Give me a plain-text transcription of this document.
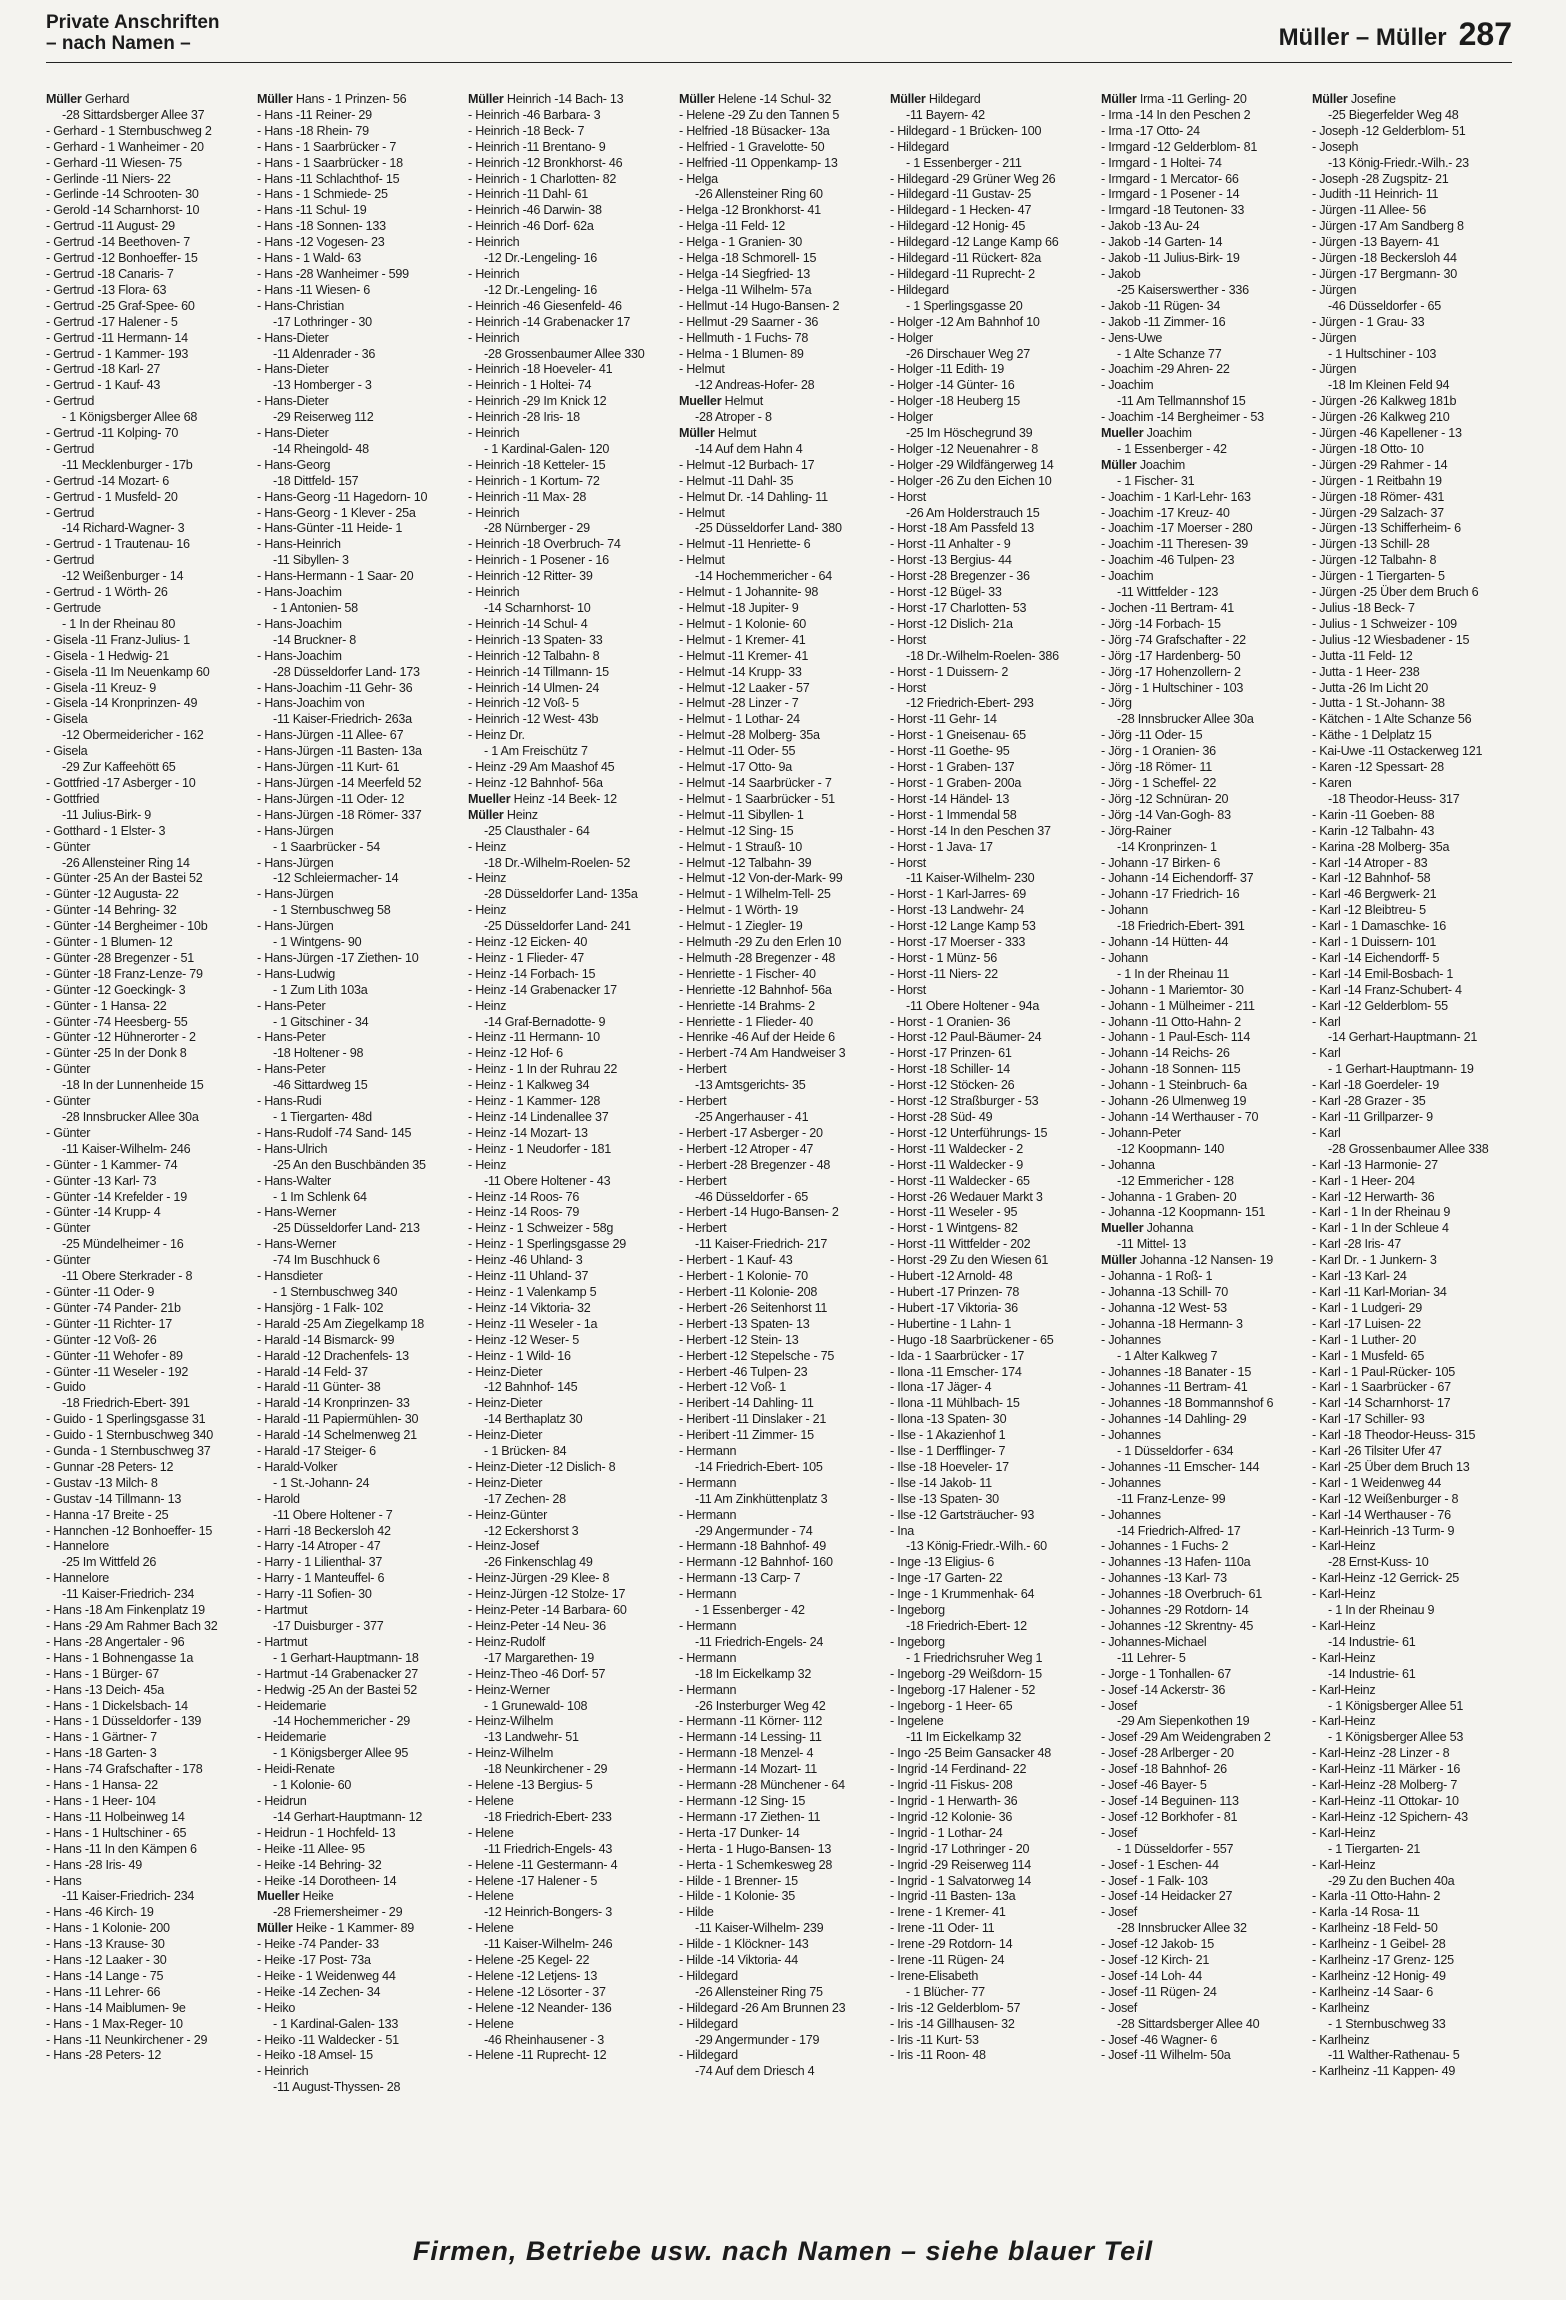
Private Anschriften
– nach Namen –	Müller – Müller 287
Müller Gerhard
-28 Sittardsberger Allee 37
- Gerhard - 1 Sternbuschweg 2
- Gerhard - 1 Wanheimer - 20
- Gerhard -11 Wiesen- 75
- Gerlinde -11 Niers- 22
- Gerlinde -14 Schrooten- 30
- Gerold -14 Scharnhorst- 10
- Gertrud -11 August- 29
- Gertrud -14 Beethoven- 7
- Gertrud -12 Bonhoeffer- 15
- Gertrud -18 Canaris- 7
- Gertrud -13 Flora- 63
- Gertrud -25 Graf-Spee- 60
- Gertrud -17 Halener - 5
- Gertrud -11 Hermann- 14
- Gertrud - 1 Kammer- 193
- Gertrud -18 Karl- 27
- Gertrud - 1 Kauf- 43
- Gertrud
- 1 Königsberger Allee 68
- Gertrud -11 Kolping- 70
- Gertrud
-11 Mecklenburger - 17b
- Gertrud -14 Mozart- 6
- Gertrud - 1 Musfeld- 20
- Gertrud
-14 Richard-Wagner- 3
- Gertrud - 1 Trautenau- 16
- Gertrud
-12 Weißenburger - 14
- Gertrud - 1 Wörth- 26
- Gertrude
- 1 In der Rheinau 80
- Gisela -11 Franz-Julius- 1
- Gisela - 1 Hedwig- 21
- Gisela -11 Im Neuenkamp 60
- Gisela -11 Kreuz- 9
- Gisela -14 Kronprinzen- 49
- Gisela
-12 Obermeidericher - 162
- Gisela
-29 Zur Kaffeehött 65
- Gottfried -17 Asberger - 10
- Gottfried
-11 Julius-Birk- 9
- Gotthard - 1 Elster- 3
- Günter
-26 Allensteiner Ring 14
- Günter -25 An der Bastei 52
- Günter -12 Augusta- 22
- Günter -14 Behring- 32
- Günter -14 Bergheimer - 10b
- Günter - 1 Blumen- 12
- Günter -28 Bregenzer - 51
- Günter -18 Franz-Lenze- 79
- Günter -12 Goeckingk- 3
- Günter - 1 Hansa- 22
- Günter -74 Heesberg- 55
- Günter -12 Hühnerorter - 2
- Günter -25 In der Donk 8
- Günter
-18 In der Lunnenheide 15
- Günter
-28 Innsbrucker Allee 30a
- Günter
-11 Kaiser-Wilhelm- 246
- Günter - 1 Kammer- 74
- Günter -13 Karl- 73
- Günter -14 Krefelder - 19
- Günter -14 Krupp- 4
- Günter
-25 Mündelheimer - 16
- Günter
-11 Obere Sterkrader - 8
- Günter -11 Oder- 9
- Günter -74 Pander- 21b
- Günter -11 Richter- 17
- Günter -12 Voß- 26
- Günter -11 Wehofer - 89
- Günter -11 Weseler - 192
- Guido
-18 Friedrich-Ebert- 391
- Guido - 1 Sperlingsgasse 31
- Guido - 1 Sternbuschweg 340
- Gunda - 1 Sternbuschweg 37
- Gunnar -28 Peters- 12
- Gustav -13 Milch- 8
- Gustav -14 Tillmann- 13
- Hanna -17 Breite - 25
- Hannchen -12 Bonhoeffer- 15
- Hannelore
-25 Im Wittfeld 26
- Hannelore
-11 Kaiser-Friedrich- 234
- Hans -18 Am Finkenplatz 19
- Hans -29 Am Rahmer Bach 32
- Hans -28 Angertaler - 96
- Hans - 1 Bohnengasse 1a
- Hans - 1 Bürger- 67
- Hans -13 Deich- 45a
- Hans - 1 Dickelsbach- 14
- Hans - 1 Düsseldorfer - 139
- Hans - 1 Gärtner- 7
- Hans -18 Garten- 3
- Hans -74 Grafschafter - 178
- Hans - 1 Hansa- 22
- Hans - 1 Heer- 104
- Hans -11 Holbeinweg 14
- Hans - 1 Hultschiner - 65
- Hans -11 In den Kämpen 6
- Hans -28 Iris- 49
- Hans
-11 Kaiser-Friedrich- 234
- Hans -46 Kirch- 19
- Hans - 1 Kolonie- 200
- Hans -13 Krause- 30
- Hans -12 Laaker - 30
- Hans -14 Lange - 75
- Hans -11 Lehrer- 66
- Hans -14 Maiblumen- 9e
- Hans - 1 Max-Reger- 10
- Hans -11 Neunkirchener - 29
- Hans -28 Peters- 12
Müller Hans - 1 Prinzen- 56
- Hans -11 Reiner- 29
- Hans -18 Rhein- 79
- Hans - 1 Saarbrücker - 7
- Hans - 1 Saarbrücker - 18
- Hans -11 Schlachthof- 15
- Hans - 1 Schmiede- 25
- Hans -11 Schul- 19
- Hans -18 Sonnen- 133
- Hans -12 Vogesen- 23
- Hans - 1 Wald- 63
- Hans -28 Wanheimer - 599
- Hans -11 Wiesen- 6
- Hans-Christian
-17 Lothringer - 30
- Hans-Dieter
-11 Aldenrader - 36
- Hans-Dieter
-13 Homberger - 3
- Hans-Dieter
-29 Reiserweg 112
- Hans-Dieter
-14 Rheingold- 48
- Hans-Georg
-18 Dittfeld- 157
- Hans-Georg -11 Hagedorn- 10
- Hans-Georg - 1 Klever - 25a
- Hans-Günter -11 Heide- 1
- Hans-Heinrich
-11 Sibyllen- 3
- Hans-Hermann - 1 Saar- 20
- Hans-Joachim
- 1 Antonien- 58
- Hans-Joachim
-14 Bruckner- 8
- Hans-Joachim
-28 Düsseldorfer Land- 173
- Hans-Joachim -11 Gehr- 36
- Hans-Joachim von
-11 Kaiser-Friedrich- 263a
- Hans-Jürgen -11 Allee- 67
- Hans-Jürgen -11 Basten- 13a
- Hans-Jürgen -11 Kurt- 61
- Hans-Jürgen -14 Meerfeld 52
- Hans-Jürgen -11 Oder- 12
- Hans-Jürgen -18 Römer- 337
- Hans-Jürgen
- 1 Saarbrücker - 54
- Hans-Jürgen
-12 Schleiermacher- 14
- Hans-Jürgen
- 1 Sternbuschweg 58
- Hans-Jürgen
- 1 Wintgens- 90
- Hans-Jürgen -17 Ziethen- 10
- Hans-Ludwig
- 1 Zum Lith 103a
- Hans-Peter
- 1 Gitschiner - 34
- Hans-Peter
-18 Holtener - 98
- Hans-Peter
-46 Sittardweg 15
- Hans-Rudi
- 1 Tiergarten- 48d
- Hans-Rudolf -74 Sand- 145
- Hans-Ulrich
-25 An den Buschbänden 35
- Hans-Walter
- 1 Im Schlenk 64
- Hans-Werner
-25 Düsseldorfer Land- 213
- Hans-Werner
-74 Im Buschhuck 6
- Hansdieter
- 1 Sternbuschweg 340
- Hansjörg - 1 Falk- 102
- Harald -25 Am Ziegelkamp 18
- Harald -14 Bismarck- 99
- Harald -12 Drachenfels- 13
- Harald -14 Feld- 37
- Harald -11 Günter- 38
- Harald -14 Kronprinzen- 33
- Harald -11 Papiermühlen- 30
- Harald -14 Schelmenweg 21
- Harald -17 Steiger- 6
- Harald-Volker
- 1 St.-Johann- 24
- Harold
-11 Obere Holtener - 7
- Harri -18 Beckersloh 42
- Harry -14 Atroper - 47
- Harry - 1 Lilienthal- 37
- Harry - 1 Manteuffel- 6
- Harry -11 Sofien- 30
- Hartmut
-17 Duisburger - 377
- Hartmut
- 1 Gerhart-Hauptmann- 18
- Hartmut -14 Grabenacker 27
- Hedwig -25 An der Bastei 52
- Heidemarie
-14 Hochemmericher - 29
- Heidemarie
- 1 Königsberger Allee 95
- Heidi-Renate
- 1 Kolonie- 60
- Heidrun
-14 Gerhart-Hauptmann- 12
- Heidrun - 1 Hochfeld- 13
- Heike -11 Allee- 95
- Heike -14 Behring- 32
- Heike -14 Dorotheen- 14
Mueller Heike
-28 Friemersheimer - 29
Müller Heike - 1 Kammer- 89
- Heike -74 Pander- 33
- Heike -17 Post- 73a
- Heike - 1 Weidenweg 44
- Heike -14 Zechen- 34
- Heiko
- 1 Kardinal-Galen- 133
- Heiko -11 Waldecker - 51
- Heiko -18 Amsel- 15
- Heinrich
-11 August-Thyssen- 28
Müller Heinrich -14 Bach- 13
- Heinrich -46 Barbara- 3
- Heinrich -18 Beck- 7
- Heinrich -11 Brentano- 9
- Heinrich -12 Bronkhorst- 46
- Heinrich - 1 Charlotten- 82
- Heinrich -11 Dahl- 61
- Heinrich -46 Darwin- 38
- Heinrich -46 Dorf- 62a
- Heinrich
-12 Dr.-Lengeling- 16
- Heinrich
-12 Dr.-Lengeling- 16
- Heinrich -46 Giesenfeld- 46
- Heinrich -14 Grabenacker 17
- Heinrich
-28 Grossenbaumer Allee 330
- Heinrich -18 Hoeveler- 41
- Heinrich - 1 Holtei- 74
- Heinrich -29 Im Knick 12
- Heinrich -28 Iris- 18
- Heinrich
- 1 Kardinal-Galen- 120
- Heinrich -18 Ketteler- 15
- Heinrich - 1 Kortum- 72
- Heinrich -11 Max- 28
- Heinrich
-28 Nürnberger - 29
- Heinrich -18 Overbruch- 74
- Heinrich - 1 Posener - 16
- Heinrich -12 Ritter- 39
- Heinrich
-14 Scharnhorst- 10
- Heinrich -14 Schul- 4
- Heinrich -13 Spaten- 33
- Heinrich -12 Talbahn- 8
- Heinrich -14 Tillmann- 15
- Heinrich -14 Ulmen- 24
- Heinrich -12 Voß- 5
- Heinrich -12 West- 43b
- Heinz Dr.
- 1 Am Freischütz 7
- Heinz -29 Am Maashof 45
- Heinz -12 Bahnhof- 56a
Mueller Heinz -14 Beek- 12
Müller Heinz
-25 Clausthaler - 64
- Heinz
-18 Dr.-Wilhelm-Roelen- 52
- Heinz
-28 Düsseldorfer Land- 135a
- Heinz
-25 Düsseldorfer Land- 241
- Heinz -12 Eicken- 40
- Heinz - 1 Flieder- 47
- Heinz -14 Forbach- 15
- Heinz -14 Grabenacker 17
- Heinz
-14 Graf-Bernadotte- 9
- Heinz -11 Hermann- 10
- Heinz -12 Hof- 6
- Heinz - 1 In der Ruhrau 22
- Heinz - 1 Kalkweg 34
- Heinz - 1 Kammer- 128
- Heinz -14 Lindenallee 37
- Heinz -14 Mozart- 13
- Heinz - 1 Neudorfer - 181
- Heinz
-11 Obere Holtener - 43
- Heinz -14 Roos- 76
- Heinz -14 Roos- 79
- Heinz - 1 Schweizer - 58g
- Heinz - 1 Sperlingsgasse 29
- Heinz -46 Uhland- 3
- Heinz -11 Uhland- 37
- Heinz - 1 Valenkamp 5
- Heinz -14 Viktoria- 32
- Heinz -11 Weseler - 1a
- Heinz -12 Weser- 5
- Heinz - 1 Wild- 16
- Heinz-Dieter
-12 Bahnhof- 145
- Heinz-Dieter
-14 Berthaplatz 30
- Heinz-Dieter
- 1 Brücken- 84
- Heinz-Dieter -12 Dislich- 8
- Heinz-Dieter
-17 Zechen- 28
- Heinz-Günter
-12 Eckershorst 3
- Heinz-Josef
-26 Finkenschlag 49
- Heinz-Jürgen -29 Klee- 8
- Heinz-Jürgen -12 Stolze- 17
- Heinz-Peter -14 Barbara- 60
- Heinz-Peter -14 Neu- 36
- Heinz-Rudolf
-17 Margarethen- 19
- Heinz-Theo -46 Dorf- 57
- Heinz-Werner
- 1 Grunewald- 108
- Heinz-Wilhelm
-13 Landwehr- 51
- Heinz-Wilhelm
-18 Neunkirchener - 29
- Helene -13 Bergius- 5
- Helene
-18 Friedrich-Ebert- 233
- Helene
-11 Friedrich-Engels- 43
- Helene -11 Gestermann- 4
- Helene -17 Halener - 5
- Helene
-12 Heinrich-Bongers- 3
- Helene
-11 Kaiser-Wilhelm- 246
- Helene -25 Kegel- 22
- Helene -12 Letjens- 13
- Helene -12 Lösorter - 37
- Helene -12 Neander- 136
- Helene
-46 Rheinhausener - 3
- Helene -11 Ruprecht- 12
Müller Helene -14 Schul- 32
- Helene -29 Zu den Tannen 5
- Helfried -18 Büsacker- 13a
- Helfried - 1 Gravelotte- 50
- Helfried -11 Oppenkamp- 13
- Helga
-26 Allensteiner Ring 60
- Helga -12 Bronkhorst- 41
- Helga -11 Feld- 12
- Helga - 1 Granien- 30
- Helga -18 Schmorell- 15
- Helga -14 Siegfried- 13
- Helga -11 Wilhelm- 57a
- Hellmut -14 Hugo-Bansen- 2
- Hellmut -29 Saarner - 36
- Hellmuth - 1 Fuchs- 78
- Helma - 1 Blumen- 89
- Helmut
-12 Andreas-Hofer- 28
Mueller Helmut
-28 Atroper - 8
Müller Helmut
-14 Auf dem Hahn 4
- Helmut -12 Burbach- 17
- Helmut -11 Dahl- 35
- Helmut Dr. -14 Dahling- 11
- Helmut
-25 Düsseldorfer Land- 380
- Helmut -11 Henriette- 6
- Helmut
-14 Hochemmericher - 64
- Helmut - 1 Johannite- 98
- Helmut -18 Jupiter- 9
- Helmut - 1 Kolonie- 60
- Helmut - 1 Kremer- 41
- Helmut -11 Kremer- 41
- Helmut -14 Krupp- 33
- Helmut -12 Laaker - 57
- Helmut -28 Linzer - 7
- Helmut - 1 Lothar- 24
- Helmut -28 Molberg- 35a
- Helmut -11 Oder- 55
- Helmut -17 Otto- 9a
- Helmut -14 Saarbrücker - 7
- Helmut - 1 Saarbrücker - 51
- Helmut -11 Sibyllen- 1
- Helmut -12 Sing- 15
- Helmut - 1 Strauß- 10
- Helmut -12 Talbahn- 39
- Helmut -12 Von-der-Mark- 99
- Helmut - 1 Wilhelm-Tell- 25
- Helmut - 1 Wörth- 19
- Helmut - 1 Ziegler- 19
- Helmuth -29 Zu den Erlen 10
- Helmuth -28 Bregenzer - 48
- Henriette - 1 Fischer- 40
- Henriette -12 Bahnhof- 56a
- Henriette -14 Brahms- 2
- Henriette - 1 Flieder- 40
- Henrike -46 Auf der Heide 6
- Herbert -74 Am Handweiser 3
- Herbert
-13 Amtsgerichts- 35
- Herbert
-25 Angerhauser - 41
- Herbert -17 Asberger - 20
- Herbert -12 Atroper - 47
- Herbert -28 Bregenzer - 48
- Herbert
-46 Düsseldorfer - 65
- Herbert -14 Hugo-Bansen- 2
- Herbert
-11 Kaiser-Friedrich- 217
- Herbert - 1 Kauf- 43
- Herbert - 1 Kolonie- 70
- Herbert -11 Kolonie- 208
- Herbert -26 Seitenhorst 11
- Herbert -13 Spaten- 13
- Herbert -12 Stein- 13
- Herbert -12 Stepelsche - 75
- Herbert -46 Tulpen- 23
- Herbert -12 Voß- 1
- Heribert -14 Dahling- 11
- Heribert -11 Dinslaker - 21
- Heribert -11 Zimmer- 15
- Hermann
-14 Friedrich-Ebert- 105
- Hermann
-11 Am Zinkhüttenplatz 3
- Hermann
-29 Angermunder - 74
- Hermann -18 Bahnhof- 49
- Hermann -12 Bahnhof- 160
- Hermann -13 Carp- 7
- Hermann
- 1 Essenberger - 42
- Hermann
-11 Friedrich-Engels- 24
- Hermann
-18 Im Eickelkamp 32
- Hermann
-26 Insterburger Weg 42
- Hermann -11 Körner- 112
- Hermann -14 Lessing- 11
- Hermann -18 Menzel- 4
- Hermann -14 Mozart- 11
- Hermann -28 Münchener - 64
- Hermann -12 Sing- 15
- Hermann -17 Ziethen- 11
- Herta -17 Dunker- 14
- Herta - 1 Hugo-Bansen- 13
- Herta - 1 Schemkesweg 28
- Hilde - 1 Brenner- 15
- Hilde - 1 Kolonie- 35
- Hilde
-11 Kaiser-Wilhelm- 239
- Hilde - 1 Klöckner- 143
- Hilde -14 Viktoria- 44
- Hildegard
-26 Allensteiner Ring 75
- Hildegard -26 Am Brunnen 23
- Hildegard
-29 Angermunder - 179
- Hildegard
-74 Auf dem Driesch 4
Müller Hildegard
-11 Bayern- 42
- Hildegard - 1 Brücken- 100
- Hildegard
- 1 Essenberger - 211
- Hildegard -29 Grüner Weg 26
- Hildegard -11 Gustav- 25
- Hildegard - 1 Hecken- 47
- Hildegard -12 Honig- 45
- Hildegard -12 Lange Kamp 66
- Hildegard -11 Rückert- 82a
- Hildegard -11 Ruprecht- 2
- Hildegard
- 1 Sperlingsgasse 20
- Holger -12 Am Bahnhof 10
- Holger
-26 Dirschauer Weg 27
- Holger -11 Edith- 19
- Holger -14 Günter- 16
- Holger -18 Heuberg 15
- Holger
-25 Im Höschegrund 39
- Holger -12 Neuenahrer - 8
- Holger -29 Wildfängerweg 14
- Holger -26 Zu den Eichen 10
- Horst
-26 Am Holderstrauch 15
- Horst -18 Am Passfeld 13
- Horst -11 Anhalter - 9
- Horst -13 Bergius- 44
- Horst -28 Bregenzer - 36
- Horst -12 Bügel- 33
- Horst -17 Charlotten- 53
- Horst -12 Dislich- 21a
- Horst
-18 Dr.-Wilhelm-Roelen- 386
- Horst - 1 Duissern- 2
- Horst
-12 Friedrich-Ebert- 293
- Horst -11 Gehr- 14
- Horst - 1 Gneisenau- 65
- Horst -11 Goethe- 95
- Horst - 1 Graben- 137
- Horst - 1 Graben- 200a
- Horst -14 Händel- 13
- Horst - 1 Immendal 58
- Horst -14 In den Peschen 37
- Horst - 1 Java- 17
- Horst
-11 Kaiser-Wilhelm- 230
- Horst - 1 Karl-Jarres- 69
- Horst -13 Landwehr- 24
- Horst -12 Lange Kamp 53
- Horst -17 Moerser - 333
- Horst - 1 Münz- 56
- Horst -11 Niers- 22
- Horst
-11 Obere Holtener - 94a
- Horst - 1 Oranien- 36
- Horst -12 Paul-Bäumer- 24
- Horst -17 Prinzen- 61
- Horst -18 Schiller- 14
- Horst -12 Stöcken- 26
- Horst -12 Straßburger - 53
- Horst -28 Süd- 49
- Horst -12 Unterführungs- 15
- Horst -11 Waldecker - 2
- Horst -11 Waldecker - 9
- Horst -11 Waldecker - 65
- Horst -26 Wedauer Markt 3
- Horst -11 Weseler - 95
- Horst - 1 Wintgens- 82
- Horst -11 Wittfelder - 202
- Horst -29 Zu den Wiesen 61
- Hubert -12 Arnold- 48
- Hubert -17 Prinzen- 78
- Hubert -17 Viktoria- 36
- Hubertine - 1 Lahn- 1
- Hugo -18 Saarbrückener - 65
- Ida - 1 Saarbrücker - 17
- Ilona -11 Emscher- 174
- Ilona -17 Jäger- 4
- Ilona -11 Mühlbach- 15
- Ilona -13 Spaten- 30
- Ilse - 1 Akazienhof 1
- Ilse - 1 Derfflinger- 7
- Ilse -18 Hoeveler- 17
- Ilse -14 Jakob- 11
- Ilse -13 Spaten- 30
- Ilse -12 Gartsträucher- 93
- Ina
-13 König-Friedr.-Wilh.- 60
- Inge -13 Eligius- 6
- Inge -17 Garten- 22
- Inge - 1 Krummenhak- 64
- Ingeborg
-18 Friedrich-Ebert- 12
- Ingeborg
- 1 Friedrichsruher Weg 1
- Ingeborg -29 Weißdorn- 15
- Ingeborg -17 Halener - 52
- Ingeborg - 1 Heer- 65
- Ingelene
-11 Im Eickelkamp 32
- Ingo -25 Beim Gansacker 48
- Ingrid -14 Ferdinand- 22
- Ingrid -11 Fiskus- 208
- Ingrid - 1 Herwarth- 36
- Ingrid -12 Kolonie- 36
- Ingrid - 1 Lothar- 24
- Ingrid -17 Lothringer - 20
- Ingrid -29 Reiserweg 114
- Ingrid - 1 Salvatorweg 14
- Ingrid -11 Basten- 13a
- Irene - 1 Kremer- 41
- Irene -11 Oder- 11
- Irene -29 Rotdorn- 14
- Irene -11 Rügen- 24
- Irene-Elisabeth
- 1 Blücher- 77
- Iris -12 Gelderblom- 57
- Iris -14 Gillhausen- 32
- Iris -11 Kurt- 53
- Iris -11 Roon- 48
Müller Irma -11 Gerling- 20
- Irma -14 In den Peschen 2
- Irma -17 Otto- 24
- Irmgard -12 Gelderblom- 81
- Irmgard - 1 Holtei- 74
- Irmgard - 1 Mercator- 66
- Irmgard - 1 Posener - 14
- Irmgard -18 Teutonen- 33
- Jakob -13 Au- 24
- Jakob -14 Garten- 14
- Jakob -11 Julius-Birk- 19
- Jakob
-25 Kaiserswerther - 336
- Jakob -11 Rügen- 34
- Jakob -11 Zimmer- 16
- Jens-Uwe
- 1 Alte Schanze 77
- Joachim -29 Ahren- 22
- Joachim
-11 Am Tellmannshof 15
- Joachim -14 Bergheimer - 53
Mueller Joachim
- 1 Essenberger - 42
Müller Joachim
- 1 Fischer- 31
- Joachim - 1 Karl-Lehr- 163
- Joachim -17 Kreuz- 40
- Joachim -17 Moerser - 280
- Joachim -11 Theresen- 39
- Joachim -46 Tulpen- 23
- Joachim
-11 Wittfelder - 123
- Jochen -11 Bertram- 41
- Jörg -14 Forbach- 15
- Jörg -74 Grafschafter - 22
- Jörg -17 Hardenberg- 50
- Jörg -17 Hohenzollern- 2
- Jörg - 1 Hultschiner - 103
- Jörg
-28 Innsbrucker Allee 30a
- Jörg -11 Oder- 15
- Jörg - 1 Oranien- 36
- Jörg -18 Römer- 11
- Jörg - 1 Scheffel- 22
- Jörg -12 Schnüran- 20
- Jörg -14 Van-Gogh- 83
- Jörg-Rainer
-14 Kronprinzen- 1
- Johann -17 Birken- 6
- Johann -14 Eichendorff- 37
- Johann -17 Friedrich- 16
- Johann
-18 Friedrich-Ebert- 391
- Johann -14 Hütten- 44
- Johann
- 1 In der Rheinau 11
- Johann - 1 Mariemtor- 30
- Johann - 1 Mülheimer - 211
- Johann -11 Otto-Hahn- 2
- Johann - 1 Paul-Esch- 114
- Johann -14 Reichs- 26
- Johann -18 Sonnen- 115
- Johann - 1 Steinbruch- 6a
- Johann -26 Ulmenweg 19
- Johann -14 Werthauser - 70
- Johann-Peter
-12 Koopmann- 140
- Johanna
-12 Emmericher - 128
- Johanna - 1 Graben- 20
- Johanna -12 Koopmann- 151
Mueller Johanna
-11 Mittel- 13
Müller Johanna -12 Nansen- 19
- Johanna - 1 Roß- 1
- Johanna -13 Schill- 70
- Johanna -12 West- 53
- Johanna -18 Hermann- 3
- Johannes
- 1 Alter Kalkweg 7
- Johannes -18 Banater - 15
- Johannes -11 Bertram- 41
- Johannes -18 Bommannshof 6
- Johannes -14 Dahling- 29
- Johannes
- 1 Düsseldorfer - 634
- Johannes -11 Emscher- 144
- Johannes
-11 Franz-Lenze- 99
- Johannes
-14 Friedrich-Alfred- 17
- Johannes - 1 Fuchs- 2
- Johannes -13 Hafen- 110a
- Johannes -13 Karl- 73
- Johannes -18 Overbruch- 61
- Johannes -29 Rotdorn- 14
- Johannes -12 Skrentny- 45
- Johannes-Michael
-11 Lehrer- 5
- Jorge - 1 Tonhallen- 67
- Josef -14 Ackerstr- 36
- Josef
-29 Am Siepenkothen 19
- Josef -29 Am Weidengraben 2
- Josef -28 Arlberger - 20
- Josef -18 Bahnhof- 26
- Josef -46 Bayer- 5
- Josef -14 Beguinen- 113
- Josef -12 Borkhofer - 81
- Josef
- 1 Düsseldorfer - 557
- Josef - 1 Eschen- 44
- Josef - 1 Falk- 103
- Josef -14 Heidacker 27
- Josef
-28 Innsbrucker Allee 32
- Josef -12 Jakob- 15
- Josef -12 Kirch- 21
- Josef -14 Loh- 44
- Josef -11 Rügen- 24
- Josef
-28 Sittardsberger Allee 40
- Josef -46 Wagner- 6
- Josef -11 Wilhelm- 50a
Müller Josefine
-25 Biegerfelder Weg 48
- Joseph -12 Gelderblom- 51
- Joseph
-13 König-Friedr.-Wilh.- 23
- Joseph -28 Zugspitz- 21
- Judith -11 Heinrich- 11
- Jürgen -11 Allee- 56
- Jürgen -17 Am Sandberg 8
- Jürgen -13 Bayern- 41
- Jürgen -18 Beckersloh 44
- Jürgen -17 Bergmann- 30
- Jürgen
-46 Düsseldorfer - 65
- Jürgen - 1 Grau- 33
- Jürgen
- 1 Hultschiner - 103
- Jürgen
-18 Im Kleinen Feld 94
- Jürgen -26 Kalkweg 181b
- Jürgen -26 Kalkweg 210
- Jürgen -46 Kapellener - 13
- Jürgen -18 Otto- 10
- Jürgen -29 Rahmer - 14
- Jürgen - 1 Reitbahn 19
- Jürgen -18 Römer- 431
- Jürgen -29 Salzach- 37
- Jürgen -13 Schifferheim- 6
- Jürgen -13 Schill- 28
- Jürgen -12 Talbahn- 8
- Jürgen - 1 Tiergarten- 5
- Jürgen -25 Über dem Bruch 6
- Julius -18 Beck- 7
- Julius - 1 Schweizer - 109
- Julius -12 Wiesbadener - 15
- Jutta -11 Feld- 12
- Jutta - 1 Heer- 238
- Jutta -26 Im Licht 20
- Jutta - 1 St.-Johann- 38
- Kätchen - 1 Alte Schanze 56
- Käthe - 1 Delplatz 15
- Kai-Uwe -11 Ostackerweg 121
- Karen -12 Spessart- 28
- Karen
-18 Theodor-Heuss- 317
- Karin -11 Goeben- 88
- Karin -12 Talbahn- 43
- Karina -28 Molberg- 35a
- Karl -14 Atroper - 83
- Karl -12 Bahnhof- 58
- Karl -46 Bergwerk- 21
- Karl -12 Bleibtreu- 5
- Karl - 1 Damaschke- 16
- Karl - 1 Duissern- 101
- Karl -14 Eichendorff- 5
- Karl -14 Emil-Bosbach- 1
- Karl -14 Franz-Schubert- 4
- Karl -12 Gelderblom- 55
- Karl
-14 Gerhart-Hauptmann- 21
- Karl
- 1 Gerhart-Hauptmann- 19
- Karl -18 Goerdeler- 19
- Karl -28 Grazer - 35
- Karl -11 Grillparzer- 9
- Karl
-28 Grossenbaumer Allee 338
- Karl -13 Harmonie- 27
- Karl - 1 Heer- 204
- Karl -12 Herwarth- 36
- Karl - 1 In der Rheinau 9
- Karl - 1 In der Schleue 4
- Karl -28 Iris- 47
- Karl Dr. - 1 Junkern- 3
- Karl -13 Karl- 24
- Karl -11 Karl-Morian- 34
- Karl - 1 Ludgeri- 29
- Karl -17 Luisen- 22
- Karl - 1 Luther- 20
- Karl - 1 Musfeld- 65
- Karl - 1 Paul-Rücker- 105
- Karl - 1 Saarbrücker - 67
- Karl -14 Scharnhorst- 17
- Karl -17 Schiller- 93
- Karl -18 Theodor-Heuss- 315
- Karl -26 Tilsiter Ufer 47
- Karl -25 Über dem Bruch 13
- Karl - 1 Weidenweg 44
- Karl -12 Weißenburger - 8
- Karl -14 Werthauser - 76
- Karl-Heinrich -13 Turm- 9
- Karl-Heinz
-28 Ernst-Kuss- 10
- Karl-Heinz -12 Gerrick- 25
- Karl-Heinz
- 1 In der Rheinau 9
- Karl-Heinz
-14 Industrie- 61
- Karl-Heinz
-14 Industrie- 61
- Karl-Heinz
- 1 Königsberger Allee 51
- Karl-Heinz
- 1 Königsberger Allee 53
- Karl-Heinz -28 Linzer - 8
- Karl-Heinz -11 Märker - 16
- Karl-Heinz -28 Molberg- 7
- Karl-Heinz -11 Ottokar- 10
- Karl-Heinz -12 Spichern- 43
- Karl-Heinz
- 1 Tiergarten- 21
- Karl-Heinz
-29 Zu den Buchen 40a
- Karla -11 Otto-Hahn- 2
- Karla -14 Rosa- 11
- Karlheinz -18 Feld- 50
- Karlheinz - 1 Geibel- 28
- Karlheinz -17 Grenz- 125
- Karlheinz -12 Honig- 49
- Karlheinz -14 Saar- 6
- Karlheinz
- 1 Sternbuschweg 33
- Karlheinz
-11 Walther-Rathenau- 5
- Karlheinz -11 Kappen- 49
Firmen, Betriebe usw. nach Namen – siehe blauer Teil
